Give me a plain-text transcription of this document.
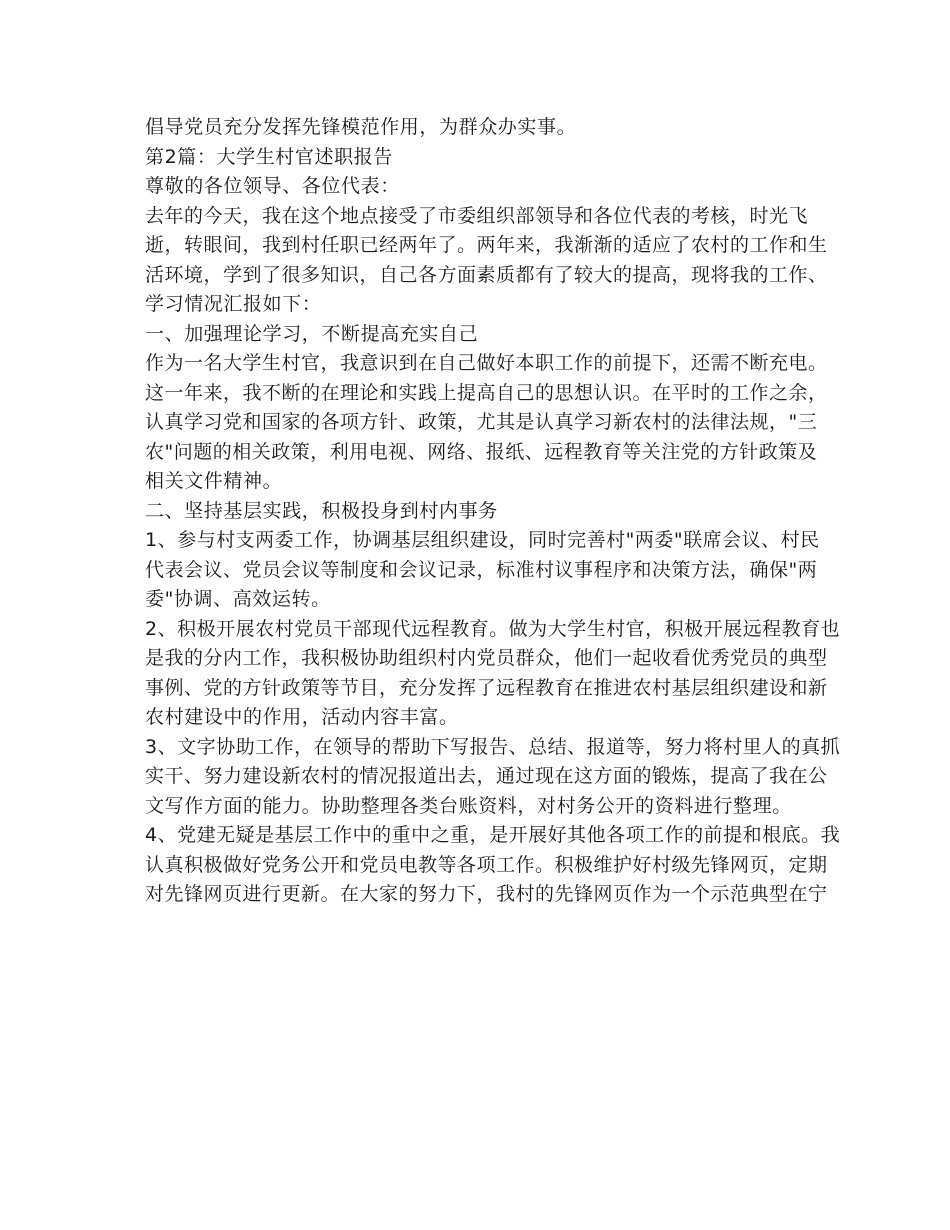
倡导党员充分发挥先锋模范作用，为群众办实事。
第2篇：大学生村官述职报告
尊敬的各位领导、各位代表：
去年的今天，我在这个地点接受了市委组织部领导和各位代表的考核，时光飞
逝，转眼间，我到村任职已经两年了。两年来，我渐渐的适应了农村的工作和生
活环境，学到了很多知识，自己各方面素质都有了较大的提高，现将我的工作、
学习情况汇报如下：
一、加强理论学习，不断提高充实自己
作为一名大学生村官，我意识到在自己做好本职工作的前提下，还需不断充电。
这一年来，我不断的在理论和实践上提高自己的思想认识。在平时的工作之余，
认真学习党和国家的各项方针、政策，尤其是认真学习新农村的法律法规，"三
农"问题的相关政策，利用电视、网络、报纸、远程教育等关注党的方针政策及
相关文件精神。
二、坚持基层实践，积极投身到村内事务
1、参与村支两委工作，协调基层组织建设，同时完善村"两委"联席会议、村民
代表会议、党员会议等制度和会议记录，标准村议事程序和决策方法，确保"两
委"协调、高效运转。
2、积极开展农村党员干部现代远程教育。做为大学生村官，积极开展远程教育也
是我的分内工作，我积极协助组织村内党员群众，他们一起收看优秀党员的典型
事例、党的方针政策等节目，充分发挥了远程教育在推进农村基层组织建设和新
农村建设中的作用，活动内容丰富。
3、文字协助工作，在领导的帮助下写报告、总结、报道等，努力将村里人的真抓
实干、努力建设新农村的情况报道出去，通过现在这方面的锻炼，提高了我在公
文写作方面的能力。协助整理各类台账资料，对村务公开的资料进行整理。
4、党建无疑是基层工作中的重中之重，是开展好其他各项工作的前提和根底。我
认真积极做好党务公开和党员电教等各项工作。积极维护好村级先锋网页，定期
对先锋网页进行更新。在大家的努力下，我村的先锋网页作为一个示范典型在宁
